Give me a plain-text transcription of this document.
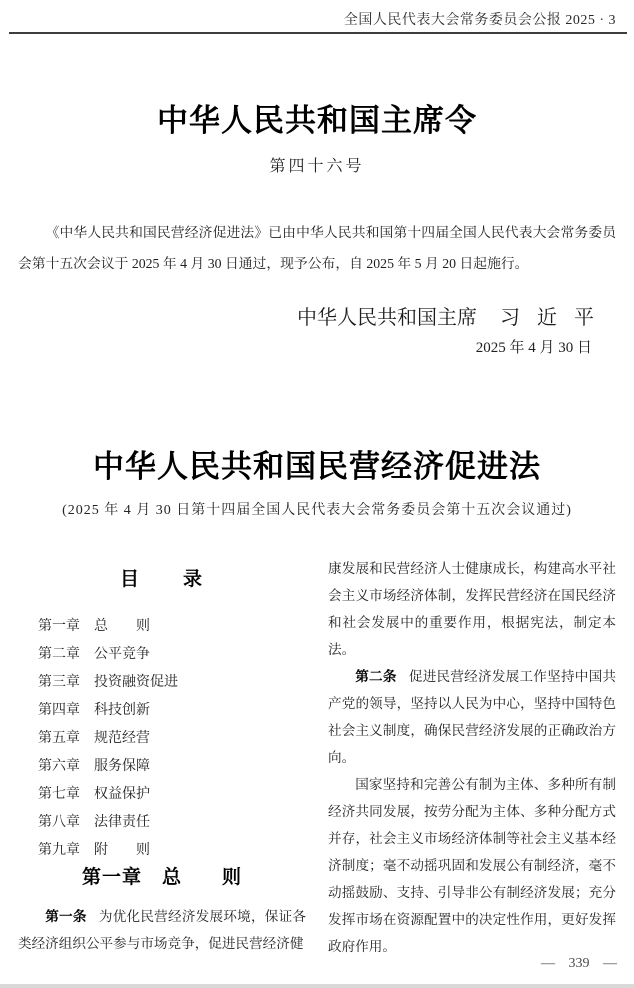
全国人民代表大会常务委员会公报 2025 · 3
中华人民共和国主席令
第四十六号
《中华人民共和国民营经济促进法》已由中华人民共和国第十四届全国人民代表大会常务委员会第十五次会议于 2025 年 4 月 30 日通过，现予公布，自 2025 年 5 月 20 日起施行。
中华人民共和国主席 习 近 平
2025 年 4 月 30 日
中华人民共和国民营经济促进法
(2025 年 4 月 30 日第十四届全国人民代表大会常务委员会第十五次会议通过)
目　　录
第一章 总　　则
第二章 公平竞争
第三章 投资融资促进
第四章 科技创新
第五章 规范经营
第六章 服务保障
第七章 权益保护
第八章 法律责任
第九章 附　　则
第一章　总　　则

第一条 为优化民营经济发展环境，保证各类经济组织公平参与市场竞争，促进民营经济健

康发展和民营经济人士健康成长，构建高水平社会主义市场经济体制，发挥民营经济在国民经济和社会发展中的重要作用，根据宪法，制定本法。

第二条 促进民营经济发展工作坚持中国共产党的领导，坚持以人民为中心，坚持中国特色社会主义制度，确保民营经济发展的正确政治方向。

国家坚持和完善公有制为主体、多种所有制经济共同发展，按劳分配为主体、多种分配方式并存，社会主义市场经济体制等社会主义基本经济制度；毫不动摇巩固和发展公有制经济，毫不动摇鼓励、支持、引导非公有制经济发展；充分发挥市场在资源配置中的决定性作用，更好发挥政府作用。

— 339 —
